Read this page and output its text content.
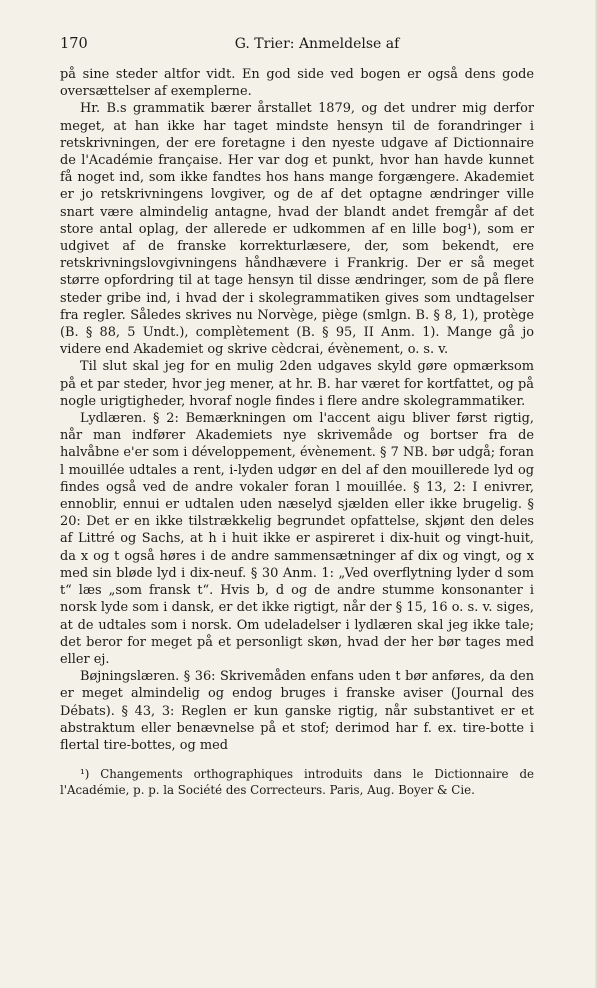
170	G. Trier: Anmeldelse af

på sine steder altfor vidt. En god side ved bogen er også dens gode oversættelser af exemplerne.

Hr. B.s grammatik bærer årstallet 1879, og det undrer mig derfor meget, at han ikke har taget mindste hensyn til de forandringer i retskrivningen, der ere foretagne i den nyeste udgave af Dictionnaire de l'Académie française. Her var dog et punkt, hvor han havde kunnet få noget ind, som ikke fandtes hos hans mange forgængere. Akademiet er jo retskrivningens lovgiver, og de af det optagne ændringer ville snart være almindelig antagne, hvad der blandt andet fremgår af det store antal oplag, der allerede er udkommen af en lille bog¹), som er udgivet af de franske korrekturlæsere, der, som bekendt, ere retskrivningslovgivningens håndhævere i Frankrig. Der er så meget større opfordring til at tage hensyn til disse ændringer, som de på flere steder gribe ind, i hvad der i skolegrammatiken gives som undtagelser fra regler. Således skrives nu Norvège, piège (smlgn. B. § 8, 1), protège (B. § 88, 5 Undt.), complètement (B. § 95, II Anm. 1). Mange gå jo videre end Akademiet og skrive cèdcrai, évènement, o. s. v.

Til slut skal jeg for en mulig 2den udgaves skyld gøre opmærksom på et par steder, hvor jeg mener, at hr. B. har været for kortfattet, og på nogle urigtigheder, hvoraf nogle findes i flere andre skolegrammatiker.

Lydlæren. § 2: Bemærkningen om l'accent aigu bliver først rigtig, når man indfører Akademiets nye skrivemåde og bortser fra de halvåbne e'er som i développement, évènement. § 7 NB. bør udgå; foran l mouillée udtales a rent, i-lyden udgør en del af den mouillerede lyd og findes også ved de andre vokaler foran l mouillée. § 13, 2: I enivrer, ennoblir, ennui er udtalen uden næselyd sjælden eller ikke brugelig. § 20: Det er en ikke tilstrækkelig begrundet opfattelse, skjønt den deles af Littré og Sachs, at h i huit ikke er aspireret i dix-huit og vingt-huit, da x og t også høres i de andre sammensætninger af dix og vingt, og x med sin bløde lyd i dix-neuf. § 30 Anm. 1: „Ved overflytning lyder d som t“ læs „som fransk t“. Hvis b, d og de andre stumme konsonanter i norsk lyde som i dansk, er det ikke rigtigt, når der § 15, 16 o. s. v. siges, at de udtales som i norsk. Om udeladelser i lydlæren skal jeg ikke tale; det beror for meget på et personligt skøn, hvad der her bør tages med eller ej.

Bøjningslæren. § 36: Skrivemåden enfans uden t bør anføres, da den er meget almindelig og endog bruges i franske aviser (Journal des Débats). § 43, 3: Reglen er kun ganske rigtig, når substantivet er et abstraktum eller benævnelse på et stof; derimod har f. ex. tire-botte i flertal tire-bottes, og med

¹) Changements orthographiques introduits dans le Dictionnaire de l'Académie, p. p. la Société des Correcteurs. Paris, Aug. Boyer & Cie.
